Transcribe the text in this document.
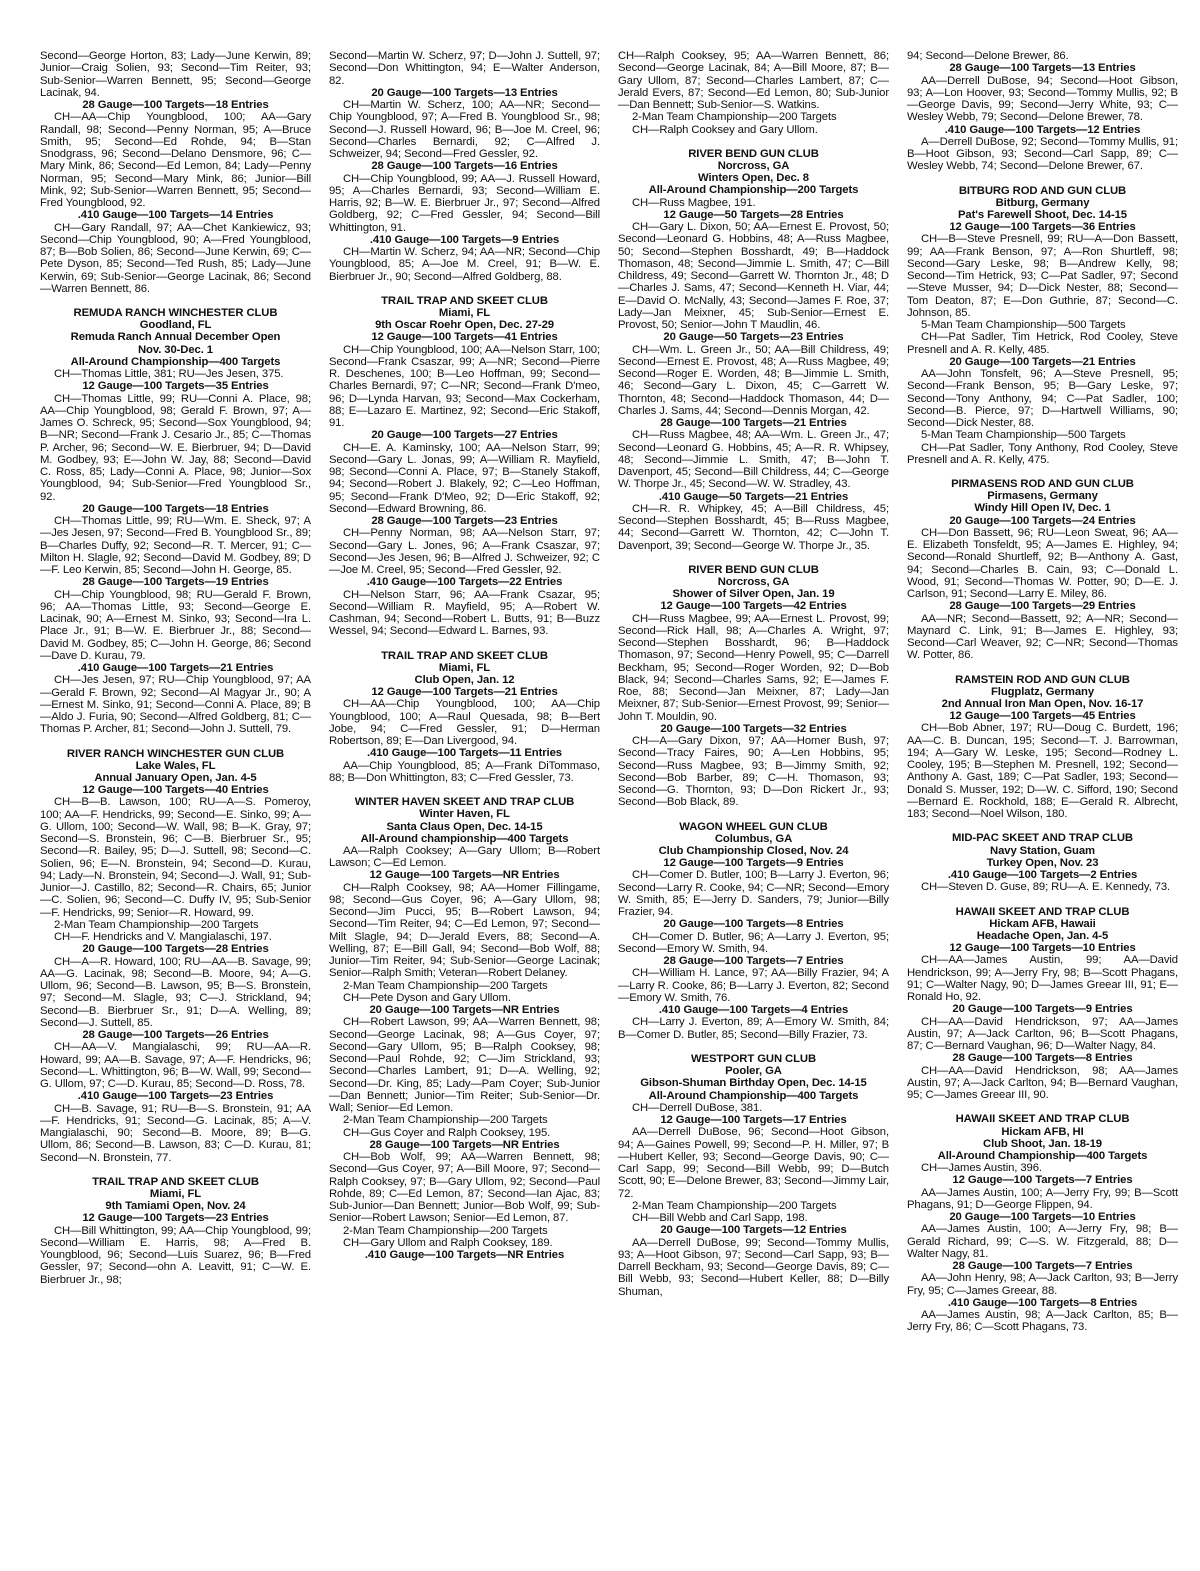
Second—George Horton, 83; Lady—June Kerwin, 89; Junior—Craig Solien, 93; Second—Tim Reiter, 93; Sub-Senior—Warren Bennett, 95; Second—George Lacinak, 94.

28 Gauge—100 Targets—18 Entries

CH—AA—Chip Youngblood, 100; AA—Gary Randall, 98; Second—Penny Norman, 95; A—Bruce Smith, 95; Second—Ed Rohde, 94; B—Stan Snodgrass, 96; Second—Delano Densmore, 96; C—Mary Mink, 86; Second—Ed Lemon, 84; Lady—Penny Norman, 95; Second—Mary Mink, 86; Junior—Bill Mink, 92; Sub-Senior—Warren Bennett, 95; Second—Fred Youngblood, 92.

.410 Gauge—100 Targets—14 Entries

CH—Gary Randall, 97; AA—Chet Kankiewicz, 93; Second—Chip Youngblood, 90; A—Fred Youngblood, 87; B—Bob Solien, 86; Second—June Kerwin, 69; C—Pete Dyson, 85; Second—Ted Rush, 85; Lady—June Kerwin, 69; Sub-Senior—George Lacinak, 86; Second—Warren Bennett, 86.

REMUDA RANCH WINCHESTER CLUB
Goodland, FL
Remuda Ranch Annual December Open
Nov. 30-Dec. 1

All-Around Championship—400 Targets

CH—Thomas Little, 381; RU—Jes Jesen, 375.

12 Gauge—100 Targets—35 Entries

CH—Thomas Little, 99; RU—Conni A. Place, 98; AA—Chip Youngblood, 98; Gerald F. Brown, 97; A—James O. Schreck, 95; Second—Sox Youngblood, 94; B—NR; Second—Frank J. Cesario Jr., 85; C—Thomas P. Archer, 96; Second—W. E. Bierbruer, 94; D—David M. Godbey, 93; E—John W. Jay, 88; Second—David C. Ross, 85; Lady—Conni A. Place, 98; Junior—Sox Youngblood, 94; Sub-Senior—Fred Youngblood Sr., 92.

20 Gauge—100 Targets—18 Entries

CH—Thomas Little, 99; RU—Wm. E. Sheck, 97; A—Jes Jesen, 97; Second—Fred B. Youngblood Sr., 89; B—Charles Duffy, 92; Second—R. T. Mercer, 91; C—Milton H. Slagle, 92; Second—David M. Godbey, 89; D—F. Leo Kerwin, 85; Second—John H. George, 85.

28 Gauge—100 Targets—19 Entries

CH—Chip Youngblood, 98; RU—Gerald F. Brown, 96; AA—Thomas Little, 93; Second—George E. Lacinak, 90; A—Ernest M. Sinko, 93; Second—Ira L. Place Jr., 91; B—W. E. Bierbruer Jr., 88; Second—David M. Godbey, 85; C—John H. George, 86; Second—Dave D. Kurau, 79.

.410 Gauge—100 Targets—21 Entries

CH—Jes Jesen, 97; RU—Chip Youngblood, 97; AA—Gerald F. Brown, 92; Second—Al Magyar Jr., 90; A—Ernest M. Sinko, 91; Second—Conni A. Place, 89; B—Aldo J. Furia, 90; Second—Alfred Goldberg, 81; C—Thomas P. Archer, 81; Second—John J. Suttell, 79.

RIVER RANCH WINCHESTER GUN CLUB
Lake Wales, FL
Annual January Open, Jan. 4-5

12 Gauge—100 Targets—40 Entries

CH—B—B. Lawson, 100; RU—A—S. Pomeroy, 100; AA—F. Hendricks, 99; Second—E. Sinko, 99; A—G. Ullom, 100; Second—W. Wall, 98; B—K. Gray, 97; Second—S. Bronstein, 96; C—B. Bierbruer Sr., 95; Second—R. Bailey, 95; D—J. Suttell, 98; Second—C. Solien, 96; E—N. Bronstein, 94; Second—D. Kurau, 94; Lady—N. Bronstein, 94; Second—J. Wall, 91; Sub-Junior—J. Castillo, 82; Second—R. Chairs, 65; Junior—C. Solien, 96; Second—C. Duffy IV, 95; Sub-Senior—F. Hendricks, 99; Senior—R. Howard, 99.

2-Man Team Championship—200 Targets

CH—F. Hendricks and V. Mangialaschi, 197.

20 Gauge—100 Targets—28 Entries

CH—A—R. Howard, 100; RU—AA—B. Savage, 99; AA—G. Lacinak, 98; Second—B. Moore, 94; A—G. Ullom, 96; Second—B. Lawson, 95; B—S. Bronstein, 97; Second—M. Slagle, 93; C—J. Strickland, 94; Second—B. Bierbruer Sr., 91; D—A. Welling, 89; Second—J. Suttell, 85.

28 Gauge—100 Targets—26 Entries

CH—AA—V. Mangialaschi, 99; RU—AA—R. Howard, 99; AA—B. Savage, 97; A—F. Hendricks, 96; Second—L. Whittington, 96; B—W. Wall, 99; Second—G. Ullom, 97; C—D. Kurau, 85; Second—D. Ross, 78.

.410 Gauge—100 Targets—23 Entries

CH—B. Savage, 91; RU—B—S. Bronstein, 91; AA—F. Hendricks, 91; Second—G. Lacinak, 85; A—V. Mangialaschi, 90; Second—B. Moore, 89; B—G. Ullom, 86; Second—B. Lawson, 83; C—D. Kurau, 81; Second—N. Bronstein, 77.

TRAIL TRAP AND SKEET CLUB
Miami, FL
9th Tamiami Open, Nov. 24

12 Gauge—100 Targets—23 Entries

CH—Bill Whittington, 99; AA—Chip Youngblood, 99; Second—William E. Harris, 98; A—Fred B. Youngblood, 96; Second—Luis Suarez, 96; B—Fred Gessler, 97; Second—ohn A. Leavitt, 91; C—W. E. Bierbruer Jr., 98;

Second—Martin W. Scherz, 97; D—John J. Suttell, 97; Second—Don Whittington, 94; E—Walter Anderson, 82.

20 Gauge—100 Targets—13 Entries

CH—Martin W. Scherz, 100; AA—NR; Second—Chip Youngblood, 97; A—Fred B. Youngblood Sr., 98; Second—J. Russell Howard, 96; B—Joe M. Creel, 96; Second—Charles Bernardi, 92; C—Alfred J. Schweizer, 94; Second—Fred Gessler, 92.

28 Gauge—100 Targets—16 Entries

CH—Chip Youngblood, 99; AA—J. Russell Howard, 95; A—Charles Bernardi, 93; Second—William E. Harris, 92; B—W. E. Bierbruer Jr., 97; Second—Alfred Goldberg, 92; C—Fred Gessler, 94; Second—Bill Whittington, 91.

.410 Gauge—100 Targets—9 Entries

CH—Martin W. Scherz, 94; AA—NR; Second—Chip Youngblood, 85; A—Joe M. Creel, 91; B—W. E. Bierbruer Jr., 90; Second—Alfred Goldberg, 88.

TRAIL TRAP AND SKEET CLUB
Miami, FL
9th Oscar Roehr Open, Dec. 27-29

12 Gauge—100 Targets—41 Entries

CH—Chip Youngblood, 100; AA—Nelson Starr, 100; Second—Frank Csaszar, 99; A—NR; Second—Pierre R. Deschenes, 100; B—Leo Hoffman, 99; Second—Charles Bernardi, 97; C—NR; Second—Frank D'meo, 96; D—Lynda Harvan, 93; Second—Max Cockerham, 88; E—Lazaro E. Martinez, 92; Second—Eric Stakoff, 91.

20 Gauge—100 Targets—27 Entries

CH—E. A. Kaminsky, 100; AA—Nelson Starr, 99; Second—Gary L. Jonas, 99; A—William R. Mayfield, 98; Second—Conni A. Place, 97; B—Stanely Stakoff, 94; Second—Robert J. Blakely, 92; C—Leo Hoffman, 95; Second—Frank D'Meo, 92; D—Eric Stakoff, 92; Second—Edward Browning, 86.

28 Gauge—100 Targets—23 Entries

CH—Penny Norman, 98; AA—Nelson Starr, 97; Second—Gary L. Jones, 96; A—Frank Csaszar, 97; Second—Jes Jesen, 96; B—Alfred J. Schweizer, 92; C—Joe M. Creel, 95; Second—Fred Gessler, 92.

.410 Gauge—100 Targets—22 Entries

CH—Nelson Starr, 96; AA—Frank Csazar, 95; Second—William R. Mayfield, 95; A—Robert W. Cashman, 94; Second—Robert L. Butts, 91; B—Buzz Wessel, 94; Second—Edward L. Barnes, 93.

TRAIL TRAP AND SKEET CLUB
Miami, FL
Club Open, Jan. 12

12 Gauge—100 Targets—21 Entries

CH—AA—Chip Youngblood, 100; AA—Chip Youngblood, 100; A—Raul Quesada, 98; B—Bert Jobe, 94; C—Fred Gessler, 91; D—Herman Robertson, 89; E—Dan Livergood, 94.

.410 Gauge—100 Targets—11 Entries

AA—Chip Youngblood, 85; A—Frank DiTommaso, 88; B—Don Whittington, 83; C—Fred Gessler, 73.

WINTER HAVEN SKEET AND TRAP CLUB
Winter Haven, FL
Santa Claus Open, Dec. 14-15

All-Around championship—400 Targets

AA—Ralph Cooksey; A—Gary Ullom; B—Robert Lawson; C—Ed Lemon.

12 Gauge—100 Targets—NR Entries

CH—Ralph Cooksey, 98; AA—Homer Fillingame, 98; Second—Gus Coyer, 96; A—Gary Ullom, 98; Second—Jim Pucci, 95; B—Robert Lawson, 94; Second—Tim Reiter, 94; C—Ed Lemon, 97; Second—Milt Slagle, 94; D—Jerald Evers, 88; Second—A. Welling, 87; E—Bill Gall, 94; Second—Bob Wolf, 88; Junior—Tim Reiter, 94; Sub-Senior—George Lacinak; Senior—Ralph Smith; Veteran—Robert Delaney.

2-Man Team Championship—200 Targets

CH—Pete Dyson and Gary Ullom.

20 Gauge—100 Targets—NR Entries

CH—Robert Lawson, 99; AA—Warren Bennett, 98; Second—George Lacinak, 98; A—Gus Coyer, 97; Second—Gary Ullom, 95; B—Ralph Cooksey, 98; Second—Paul Rohde, 92; C—Jim Strickland, 93; Second—Charles Lambert, 91; D—A. Welling, 92; Second—Dr. King, 85; Lady—Pam Coyer; Sub-Junior—Dan Bennett; Junior—Tim Reiter; Sub-Senior—Dr. Wall; Senior—Ed Lemon.

2-Man Team Championship—200 Targets

CH—Gus Coyer and Ralph Cooksey, 195.

28 Gauge—100 Targets—NR Entries

CH—Bob Wolf, 99; AA—Warren Bennett, 98; Second—Gus Coyer, 97; A—Bill Moore, 97; Second—Ralph Cooksey, 97; B—Gary Ullom, 92; Second—Paul Rohde, 89; C—Ed Lemon, 87; Second—Ian Ajac, 83; Sub-Junior—Dan Bennett; Junior—Bob Wolf, 99; Sub-Senior—Robert Lawson; Senior—Ed Lemon, 87.

2-Man Team Championship—200 Targets

CH—Gary Ullom and Ralph Cooksey, 189.

.410 Gauge—100 Targets—NR Entries

CH—Ralph Cooksey, 95; AA—Warren Bennett, 86; Second—George Lacinak, 84; A—Bill Moore, 87; B—Gary Ullom, 87; Second—Charles Lambert, 87; C—Jerald Evers, 87; Second—Ed Lemon, 80; Sub-Junior—Dan Bennett; Sub-Senior—S. Watkins.

2-Man Team Championship—200 Targets

CH—Ralph Cooksey and Gary Ullom.

RIVER BEND GUN CLUB
Norcross, GA
Winters Open, Dec. 8

All-Around Championship—200 Targets

CH—Russ Magbee, 191.

12 Gauge—50 Targets—28 Entries

CH—Gary L. Dixon, 50; AA—Ernest E. Provost, 50; Second—Leonard G. Hobbins, 48; A—Russ Magbee, 50; Second—Stephen Bosshardt, 49; B—Haddock Thomason, 48; Second—Jimmie L. Smith, 47; C—Bill Childress, 49; Second—Garrett W. Thornton Jr., 48; D—Charles J. Sams, 47; Second—Kenneth H. Viar, 44; E—David O. McNally, 43; Second—James F. Roe, 37; Lady—Jan Meixner, 45; Sub-Senior—Ernest E. Provost, 50; Senior—John T Maudlin, 46.

20 Gauge—50 Targets—23 Entries

CH—Wm. L. Green Jr., 50; AA—Bill Childress, 49; Second—Ernest E. Provost, 48; A—Russ Magbee, 49; Second—Roger E. Worden, 48; B—Jimmie L. Smith, 46; Second—Gary L. Dixon, 45; C—Garrett W. Thornton, 48; Second—Haddock Thomason, 44; D—Charles J. Sams, 44; Second—Dennis Morgan, 42.

28 Gauge—100 Targets—21 Entries

CH—Russ Magbee, 48; AA—Wm. L. Green Jr., 47; Second—Leonard G. Hobbins, 45; A—R. R. Whipsey, 48; Second—Jimmie L. Smith, 47; B—John T. Davenport, 45; Second—Bill Childress, 44; C—George W. Thorpe Jr., 45; Second—W. W. Stradley, 43.

.410 Gauge—50 Targets—21 Entries

CH—R. R. Whipkey, 45; A—Bill Childress, 45; Second—Stephen Bosshardt, 45; B—Russ Magbee, 44; Second—Garrett W. Thornton, 42; C—John T. Davenport, 39; Second—George W. Thorpe Jr., 35.

RIVER BEND GUN CLUB
Norcross, GA
Shower of Silver Open, Jan. 19

12 Gauge—100 Targets—42 Entries

CH—Russ Magbee, 99; AA—Ernest L. Provost, 99; Second—Rick Hall, 98; A—Charles A. Wright, 97; Second—Stephen Bosshardt, 96; B—Haddock Thomason, 97; Second—Henry Powell, 95; C—Darrell Beckham, 95; Second—Roger Worden, 92; D—Bob Black, 94; Second—Charles Sams, 92; E—James F. Roe, 88; Second—Jan Meixner, 87; Lady—Jan Meixner, 87; Sub-Senior—Ernest Provost, 99; Senior—John T. Mouldin, 90.

20 Gauge—100 Targets—32 Entries

CH—A—Gary Dixon, 97; AA—Homer Bush, 97; Second—Tracy Faires, 90; A—Len Hobbins, 95; Second—Russ Magbee, 93; B—Jimmy Smith, 92; Second—Bob Barber, 89; C—H. Thomason, 93; Second—G. Thornton, 93; D—Don Rickert Jr., 93; Second—Bob Black, 89.

WAGON WHEEL GUN CLUB
Columbus, GA
Club Championship Closed, Nov. 24

12 Gauge—100 Targets—9 Entries

CH—Comer D. Butler, 100; B—Larry J. Everton, 96; Second—Larry R. Cooke, 94; C—NR; Second—Emory W. Smith, 85; E—Jerry D. Sanders, 79; Junior—Billy Frazier, 94.

20 Gauge—100 Targets—8 Entries

CH—Comer D. Butler, 96; A—Larry J. Everton, 95; Second—Emory W. Smith, 94.

28 Gauge—100 Targets—7 Entries

CH—William H. Lance, 97; AA—Billy Frazier, 94; A—Larry R. Cooke, 86; B—Larry J. Everton, 82; Second—Emory W. Smith, 76.

.410 Gauge—100 Targets—4 Entries

CH—Larry J. Everton, 89; A—Emory W. Smith, 84; B—Comer D. Butler, 85; Second—Billy Frazier, 73.

WESTPORT GUN CLUB
Pooler, GA
Gibson-Shuman Birthday Open, Dec. 14-15

All-Around Championship—400 Targets

CH—Derrell DuBose, 381.

12 Gauge—100 Targets—17 Entries

AA—Derrell DuBose, 96; Second—Hoot Gibson, 94; A—Gaines Powell, 99; Second—P. H. Miller, 97; B—Hubert Keller, 93; Second—George Davis, 90; C—Carl Sapp, 99; Second—Bill Webb, 99; D—Butch Scott, 90; E—Delone Brewer, 83; Second—Jimmy Lair, 72.

2-Man Team Championship—200 Targets

CH—Bill Webb and Carl Sapp, 198.

20 Gauge—100 Targets—12 Entries

AA—Derrell DuBose, 99; Second—Tommy Mullis, 93; A—Hoot Gibson, 97; Second—Carl Sapp, 93; B—Darrell Beckham, 93; Second—George Davis, 89; C—Bill Webb, 93; Second—Hubert Keller, 88; D—Billy Shuman,

94; Second—Delone Brewer, 86.

28 Gauge—100 Targets—13 Entries

AA—Derrell DuBose, 94; Second—Hoot Gibson, 93; A—Lon Hoover, 93; Second—Tommy Mullis, 92; B—George Davis, 99; Second—Jerry White, 93; C—Wesley Webb, 79; Second—Delone Brewer, 78.

.410 Gauge—100 Targets—12 Entries

A—Derrell DuBose, 92; Second—Tommy Mullis, 91; B—Hoot Gibson, 93; Second—Carl Sapp, 89; C—Wesley Webb, 74; Second—Delone Brewer, 67.

BITBURG ROD AND GUN CLUB
Bitburg, Germany
Pat's Farewell Shoot, Dec. 14-15

12 Gauge—100 Targets—36 Entries

CH—B—Steve Presnell, 99; RU—A—Don Bassett, 99; AA—Frank Benson, 97; A—Ron Shurtleff, 98; Second—Gary Leske, 98; B—Andrew Kelly, 98; Second—Tim Hetrick, 93; C—Pat Sadler, 97; Second—Steve Musser, 94; D—Dick Nester, 88; Second—Tom Deaton, 87; E—Don Guthrie, 87; Second—C. Johnson, 85.

5-Man Team Championship—500 Targets

CH—Pat Sadler, Tim Hetrick, Rod Cooley, Steve Presnell and A. R. Kelly, 485.

20 Gauge—100 Targets—21 Entries

AA—John Tonsfelt, 96; A—Steve Presnell, 95; Second—Frank Benson, 95; B—Gary Leske, 97; Second—Tony Anthony, 94; C—Pat Sadler, 100; Second—B. Pierce, 97; D—Hartwell Williams, 90; Second—Dick Nester, 88.

5-Man Team Championship—500 Targets

CH—Pat Sadler, Tony Anthony, Rod Cooley, Steve Presnell and A. R. Kelly, 475.

PIRMASENS ROD AND GUN CLUB
Pirmasens, Germany
Windy Hill Open IV, Dec. 1

20 Gauge—100 Targets—24 Entries

CH—Don Bassett, 96; RU—Leon Sweat, 96; AA—E. Elizabeth Tonsfeldt, 95; A—James E. Highley, 94; Second—Ronald Shurtleff, 92; B—Anthony A. Gast, 94; Second—Charles B. Cain, 93; C—Donald L. Wood, 91; Second—Thomas W. Potter, 90; D—E. J. Carlson, 91; Second—Larry E. Miley, 86.

28 Gauge—100 Targets—29 Entries

AA—NR; Second—Bassett, 92; A—NR; Second—Maynard C. Link, 91; B—James E. Highley, 93; Second—Carl Weaver, 92; C—NR; Second—Thomas W. Potter, 86.

RAMSTEIN ROD AND GUN CLUB
Flugplatz, Germany
2nd Annual Iron Man Open, Nov. 16-17

12 Gauge—100 Targets—45 Entries

CH—Bob Abner, 197; RU—Doug C. Burdett, 196; AA—C. B. Duncan, 195; Second—T. J. Barrowman, 194; A—Gary W. Leske, 195; Second—Rodney L. Cooley, 195; B—Stephen M. Presnell, 192; Second—Anthony A. Gast, 189; C—Pat Sadler, 193; Second—Donald S. Musser, 192; D—W. C. Sifford, 190; Second—Bernard E. Rockhold, 188; E—Gerald R. Albrecht, 183; Second—Noel Wilson, 180.

MID-PAC SKEET AND TRAP CLUB
Navy Station, Guam
Turkey Open, Nov. 23

.410 Gauge—100 Targets—2 Entries

CH—Steven D. Guse, 89; RU—A. E. Kennedy, 73.

HAWAII SKEET AND TRAP CLUB
Hickam AFB, Hawaii
Headache Open, Jan. 4-5

12 Gauge—100 Targets—10 Entries

CH—AA—James Austin, 99; AA—David Hendrickson, 99; A—Jerry Fry, 98; B—Scott Phagans, 91; C—Walter Nagy, 90; D—James Greear III, 91; E—Ronald Ho, 92.

20 Gauge—100 Targets—9 Entries

CH—AA—David Hendrickson, 97; AA—James Austin, 97; A—Jack Carlton, 96; B—Scott Phagans, 87; C—Bernard Vaughan, 96; D—Walter Nagy, 84.

28 Gauge—100 Targets—8 Entries

CH—AA—David Hendrickson, 98; AA—James Austin, 97; A—Jack Carlton, 94; B—Bernard Vaughan, 95; C—James Greear III, 90.

HAWAII SKEET AND TRAP CLUB
Hickam AFB, HI
Club Shoot, Jan. 18-19

All-Around Championship—400 Targets

CH—James Austin, 396.

12 Gauge—100 Targets—7 Entries

AA—James Austin, 100; A—Jerry Fry, 99; B—Scott Phagans, 91; D—George Flippen, 94.

20 Gauge—100 Targets—10 Entries

AA—James Austin, 100; A—Jerry Fry, 98; B—Gerald Richard, 99; C—S. W. Fitzgerald, 88; D—Walter Nagy, 81.

28 Gauge—100 Targets—7 Entries

AA—John Henry, 98; A—Jack Carlton, 93; B—Jerry Fry, 95; C—James Greear, 88.

.410 Gauge—100 Targets—8 Entries

AA—James Austin, 98; A—Jack Carlton, 85; B—Jerry Fry, 86; C—Scott Phagans, 73.
